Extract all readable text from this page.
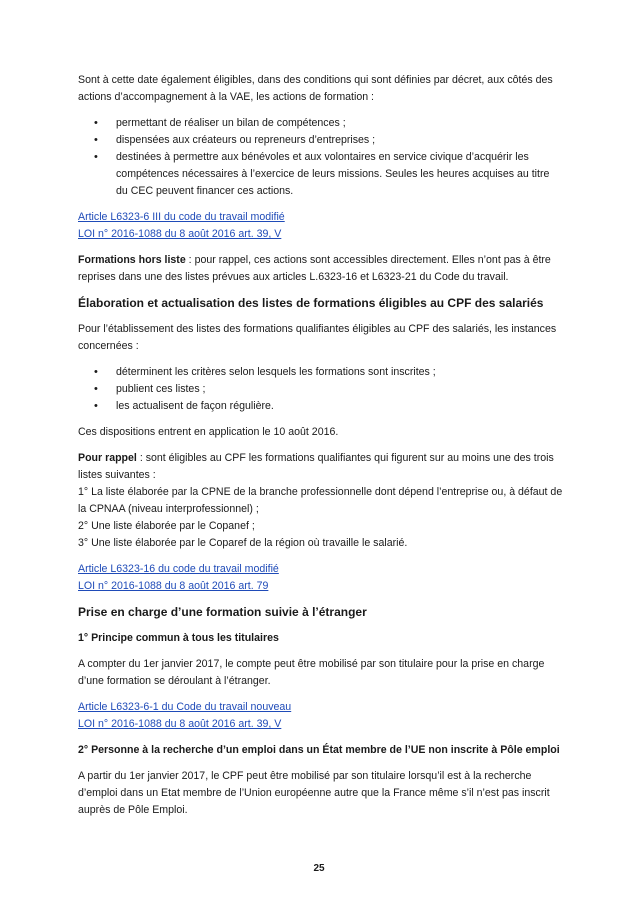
Sont à cette date également éligibles, dans des conditions qui sont définies par décret, aux côtés des actions d’accompagnement à la VAE, les actions de formation :

• permettant de réaliser un bilan de compétences ;
• dispensées aux créateurs ou repreneurs d’entreprises ;
• destinées à permettre aux bénévoles et aux volontaires en service civique d’acquérir les compétences nécessaires à l’exercice de leurs missions. Seules les heures acquises au titre du CEC peuvent financer ces actions.
Article L6323-6 III du code du travail modifié
LOI n° 2016-1088 du 8 août 2016 art. 39, V

Formations hors liste : pour rappel, ces actions sont accessibles directement. Elles n’ont pas à être reprises dans une des listes prévues aux articles L.6323-16 et L6323-21 du Code du travail.

Élaboration et actualisation des listes de formations éligibles au CPF des salariés

Pour l’établissement des listes des formations qualifiantes éligibles au CPF des salariés, les instances concernées :

• déterminent les critères selon lesquels les formations sont inscrites ;
• publient ces listes ;
• les actualisent de façon régulière.

Ces dispositions entrent en application le 10 août 2016.

Pour rappel : sont éligibles au CPF les formations qualifiantes qui figurent sur au moins une des trois listes suivantes :

1° La liste élaborée par la CPNE de la branche professionnelle dont dépend l’entreprise ou, à défaut de la CPNAA (niveau interprofessionnel) ;

2° Une liste élaborée par le Copanef ;

3° Une liste élaborée par le Coparef de la région où travaille le salarié.

Article L6323-16 du code du travail modifié
LOI n° 2016-1088 du 8 août 2016 art. 79

Prise en charge d’une formation suivie à l’étranger

1° Principe commun à tous les titulaires

A compter du 1er janvier 2017, le compte peut être mobilisé par son titulaire pour la prise en charge d’une formation se déroulant à l’étranger.

Article L6323-6-1 du Code du travail nouveau
LOI n° 2016-1088 du 8 août 2016 art. 39, V

2° Personne à la recherche d’un emploi dans un État membre de l’UE non inscrite à Pôle emploi

A partir du 1er janvier 2017, le CPF peut être mobilisé par son titulaire lorsqu’il est à la recherche d’emploi dans un Etat membre de l’Union européenne autre que la France même s’il n’est pas inscrit auprès de Pôle Emploi.

25
